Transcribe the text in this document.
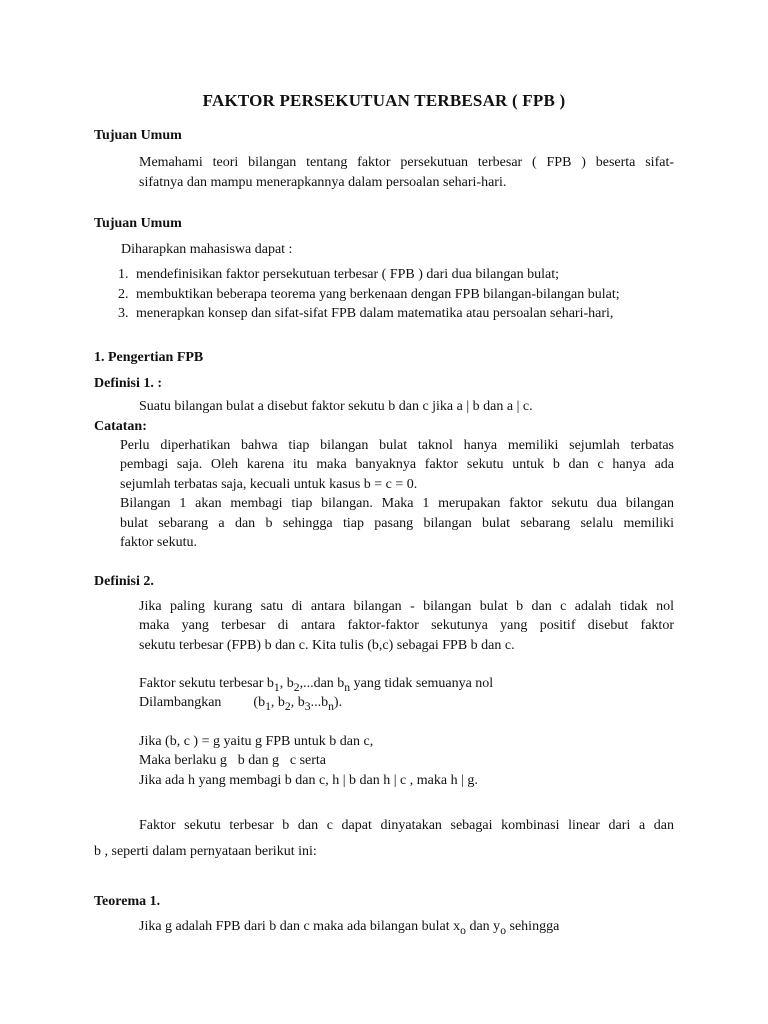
FAKTOR PERSEKUTUAN TERBESAR ( FPB )
Tujuan Umum
Memahami teori bilangan tentang faktor persekutuan terbesar ( FPB ) beserta sifat-
sifatnya dan mampu menerapkannya dalam persoalan sehari-hari.
Tujuan Umum
Diharapkan mahasiswa dapat :
1. mendefinisikan faktor persekutuan terbesar ( FPB ) dari dua bilangan bulat;
2. membuktikan beberapa teorema yang berkenaan dengan FPB bilangan-bilangan bulat;
3. menerapkan konsep dan sifat-sifat FPB dalam matematika atau persoalan sehari-hari,
1. Pengertian FPB
Definisi 1. :
Suatu bilangan bulat a disebut faktor sekutu b dan c jika a | b dan a | c.
Catatan:
Perlu diperhatikan bahwa tiap bilangan bulat taknol hanya memiliki sejumlah terbatas
pembagi saja. Oleh karena itu maka banyaknya faktor sekutu untuk b dan c hanya ada
sejumlah terbatas saja, kecuali untuk kasus b = c = 0.
Bilangan 1 akan membagi tiap bilangan. Maka 1 merupakan faktor sekutu dua bilangan
bulat sebarang a dan b sehingga tiap pasang bilangan bulat sebarang selalu memiliki
faktor sekutu.
Definisi 2.
Jika paling kurang satu di antara bilangan - bilangan bulat b dan c adalah tidak nol
maka yang terbesar di antara faktor-faktor sekutunya yang positif disebut faktor
sekutu terbesar (FPB) b dan c. Kita tulis (b,c) sebagai FPB b dan c.
Faktor sekutu terbesar $b_1$, $b_2,...dan$ $b_n$ yang tidak semuanya nol
Dilambangkan ($b_1$, $b_2$, $b_3...b_n$).
Jika (b, c ) = g yaitu g FPB untuk b dan c,
Maka berlaku g⃒b dan g⃒c serta
Jika ada h yang membagi b dan c, h | b dan h | c , maka h | g.
Faktor sekutu terbesar b dan c dapat dinyatakan sebagai kombinasi linear dari a dan
b , seperti dalam pernyataan berikut ini:
Teorema 1.
Jika g adalah FPB dari b dan c maka ada bilangan bulat $x_o$ dan $y_o$ sehingga
